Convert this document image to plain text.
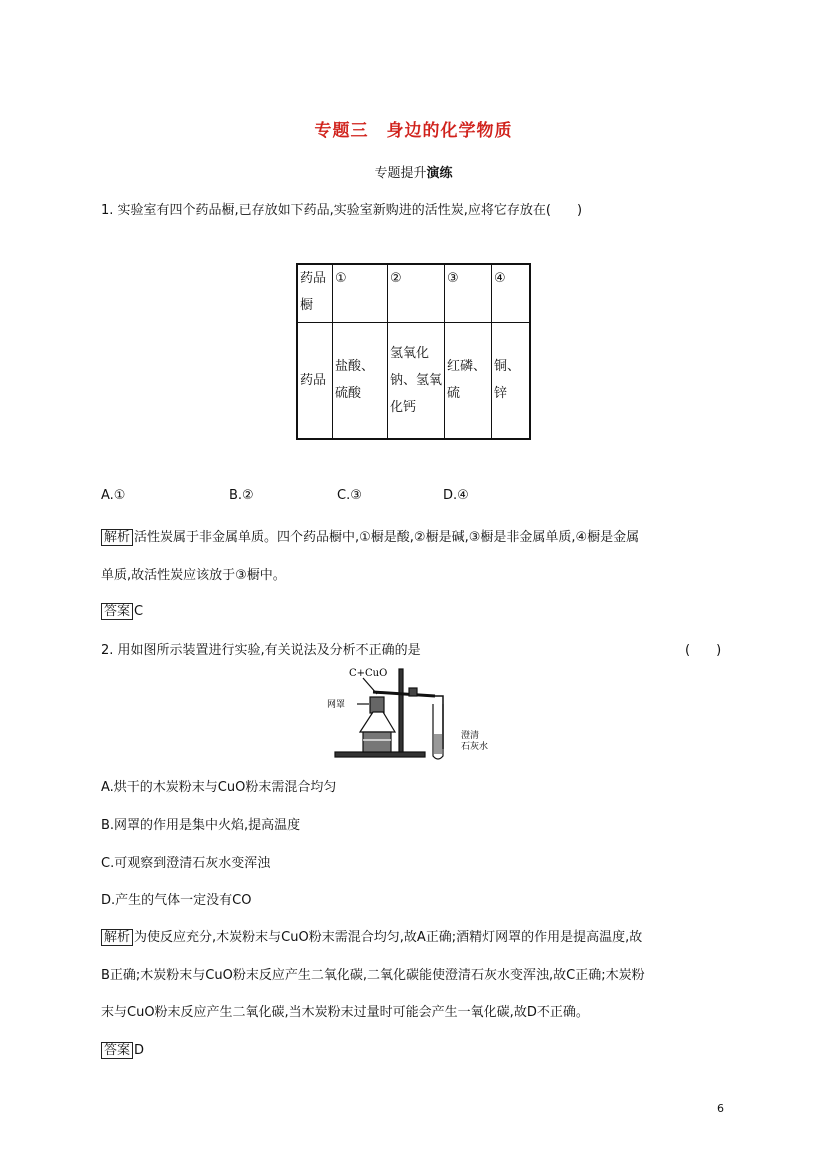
专题三　身边的化学物质
专题提升演练
1. 实验室有四个药品橱,已存放如下药品,实验室新购进的活性炭,应将它存放在(　　)
药品橱	①	②	③	④
药品	盐酸、硫酸	氢氧化钠、氢氧化钙	红磷、硫	铜、锌
A.①	B.②	C.③	D.④
解析 活性炭属于非金属单质。四个药品橱中,①橱是酸,②橱是碱,③橱是非金属单质,④橱是金属
单质,故活性炭应该放于③橱中。
答案 C
2. 用如图所示装置进行实验,有关说法及分析不正确的是	(　　)
C+CuO
网罩
澄清
石灰水
A.烘干的木炭粉末与CuO粉末需混合均匀
B.网罩的作用是集中火焰,提高温度
C.可观察到澄清石灰水变浑浊
D.产生的气体一定没有CO
解析 为使反应充分,木炭粉末与CuO粉末需混合均匀,故A正确;酒精灯网罩的作用是提高温度,故
B正确;木炭粉末与CuO粉末反应产生二氧化碳,二氧化碳能使澄清石灰水变浑浊,故C正确;木炭粉
末与CuO粉末反应产生二氧化碳,当木炭粉末过量时可能会产生一氧化碳,故D不正确。
答案 D
6
